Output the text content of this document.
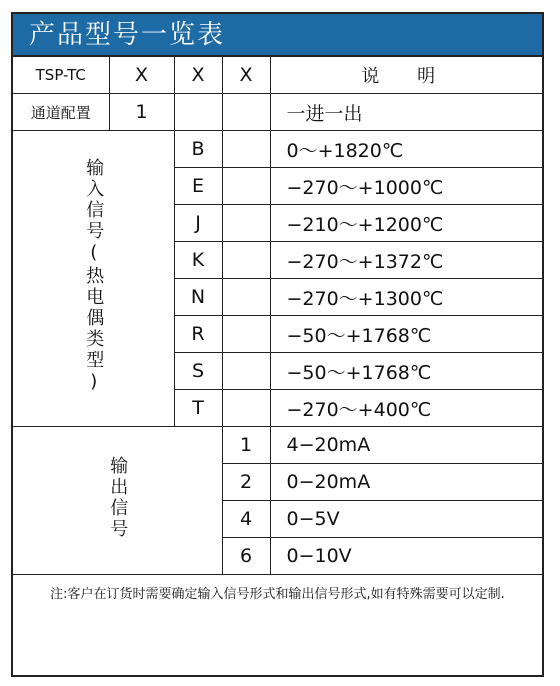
产品型号一览表
TSP-TC	X	X	X	说 明
通道配置	1			一进一出
输入信号(热电偶类型)		B		0～+1820℃
		E		−270～+1000℃
		J		−210～+1200℃
		K		−270～+1372℃
		N		−270～+1300℃
		R		−50～+1768℃
		S		−50～+1768℃
		T		−270～+400℃
输出信号			1	4−20mA
			2	0−20mA
			4	0−5V
			6	0−10V
注:客户在订货时需要确定输入信号形式和输出信号形式,如有特殊需要可以定制.				
